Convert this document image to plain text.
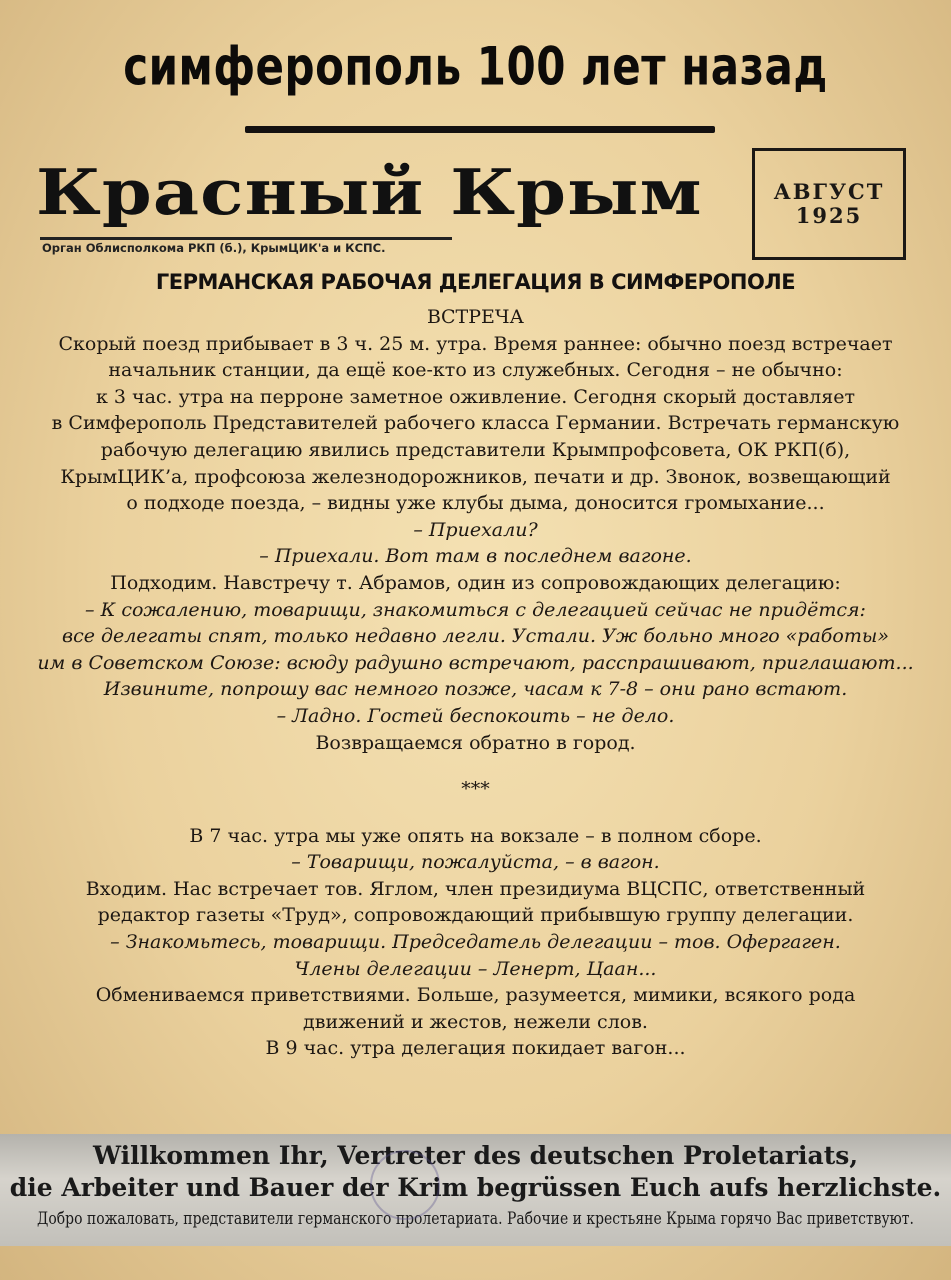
симферополь 100 лет назад
Красный Крым
Орган Облисполкома РКП (б.), КрымЦИК'а и КСПС.
АВГУСТ
1925
ГЕРМАНСКАЯ РАБОЧАЯ ДЕЛЕГАЦИЯ В СИМФЕРОПОЛЕ
ВСТРЕЧА
Скорый поезд прибывает в 3 ч. 25 м. утра. Время раннее: обычно поезд встречает
начальник станции, да ещё кое-кто из служебных. Сегодня – не обычно:
к 3 час. утра на перроне заметное оживление. Сегодня скорый доставляет
в Симферополь Представителей рабочего класса Германии. Встречать германскую
рабочую делегацию явились представители Крымпрофсовета, ОК РКП(б),
КрымЦИК’а, профсоюза железнодорожников, печати и др. Звонок, возвещающий
о подходе поезда, – видны уже клубы дыма, доносится громыхание...
– Приехали?
– Приехали. Вот там в последнем вагоне.
Подходим. Навстречу т. Абрамов, один из сопровождающих делегацию:
– К сожалению, товарищи, знакомиться с делегацией сейчас не придётся:
все делегаты спят, только недавно легли. Устали. Уж больно много «работы»
им в Советском Союзе: всюду радушно встречают, расспрашивают, приглашают...
Извините, попрошу вас немного позже, часам к 7-8 – они рано встают.
– Ладно. Гостей беспокоить – не дело.
Возвращаемся обратно в город.
***
В 7 час. утра мы уже опять на вокзале – в полном сборе.
– Товарищи, пожалуйста, – в вагон.
Входим. Нас встречает тов. Яглом, член президиума ВЦСПС, ответственный
редактор газеты «Труд», сопровождающий прибывшую группу делегации.
– Знакомьтесь, товарищи. Председатель делегации – тов. Офергаген.
Члены делегации – Ленерт, Цаан...
Обмениваемся приветствиями. Больше, разумеется, мимики, всякого рода
движений и жестов, нежели слов.
В 9 час. утра делегация покидает вагон...
Willkommen Ihr, Vertreter des deutschen Proletariats,
die Arbeiter und Bauer der Krim begrüssen Euch aufs herzlichste.
Добро пожаловать, представители германского пролетариата. Рабочие и крестьяне Крыма горячо Вас приветствуют.
